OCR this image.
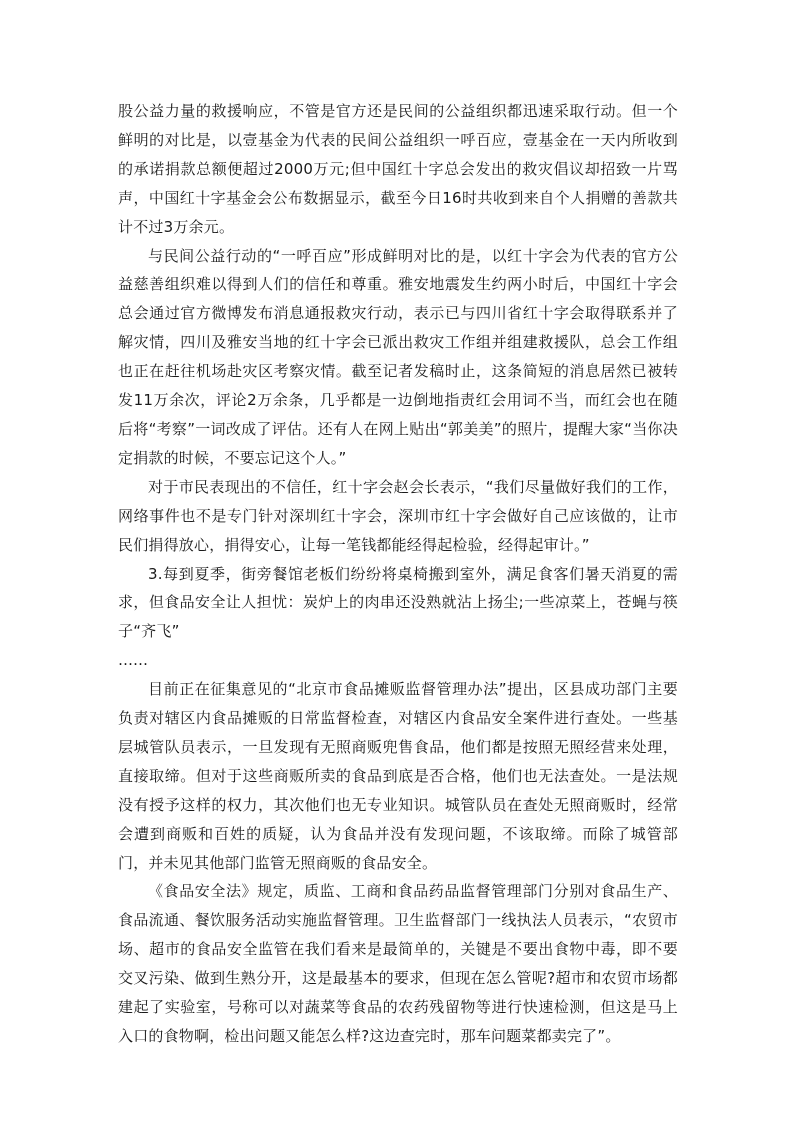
股公益力量的救援响应，不管是官方还是民间的公益组织都迅速采取行动。但一个鲜明的对比是，以壹基金为代表的民间公益组织一呼百应，壹基金在一天内所收到的承诺捐款总额便超过2000万元;但中国红十字总会发出的救灾倡议却招致一片骂声，中国红十字基金会公布数据显示，截至今日16时共收到来自个人捐赠的善款共计不过3万余元。

与民间公益行动的“一呼百应”形成鲜明对比的是，以红十字会为代表的官方公益慈善组织难以得到人们的信任和尊重。雅安地震发生约两小时后，中国红十字会总会通过官方微博发布消息通报救灾行动，表示已与四川省红十字会取得联系并了解灾情，四川及雅安当地的红十字会已派出救灾工作组并组建救援队，总会工作组也正在赶往机场赴灾区考察灾情。截至记者发稿时止，这条简短的消息居然已被转发11万余次，评论2万余条，几乎都是一边倒地指责红会用词不当，而红会也在随后将“考察”一词改成了评估。还有人在网上贴出“郭美美”的照片，提醒大家“当你决定捐款的时候，不要忘记这个人。”

对于市民表现出的不信任，红十字会赵会长表示，“我们尽量做好我们的工作，网络事件也不是专门针对深圳红十字会，深圳市红十字会做好自己应该做的，让市民们捐得放心，捐得安心，让每一笔钱都能经得起检验，经得起审计。”

3.每到夏季，街旁餐馆老板们纷纷将桌椅搬到室外，满足食客们暑天消夏的需求，但食品安全让人担忧：炭炉上的肉串还没熟就沾上扬尘;一些凉菜上，苍蝇与筷子“齐飞”

……

目前正在征集意见的“北京市食品摊贩监督管理办法”提出，区县成功部门主要负责对辖区内食品摊贩的日常监督检查，对辖区内食品安全案件进行查处。一些基层城管队员表示，一旦发现有无照商贩兜售食品，他们都是按照无照经营来处理，直接取缔。但对于这些商贩所卖的食品到底是否合格，他们也无法查处。一是法规没有授予这样的权力，其次他们也无专业知识。城管队员在查处无照商贩时，经常会遭到商贩和百姓的质疑，认为食品并没有发现问题，不该取缔。而除了城管部门，并未见其他部门监管无照商贩的食品安全。

《食品安全法》规定，质监、工商和食品药品监督管理部门分别对食品生产、食品流通、餐饮服务活动实施监督管理。卫生监督部门一线执法人员表示，“农贸市场、超市的食品安全监管在我们看来是最简单的，关键是不要出食物中毒，即不要交叉污染、做到生熟分开，这是最基本的要求，但现在怎么管呢?超市和农贸市场都建起了实验室，号称可以对蔬菜等食品的农药残留物等进行快速检测，但这是马上入口的食物啊，检出问题又能怎么样?这边查完时，那车问题菜都卖完了”。
